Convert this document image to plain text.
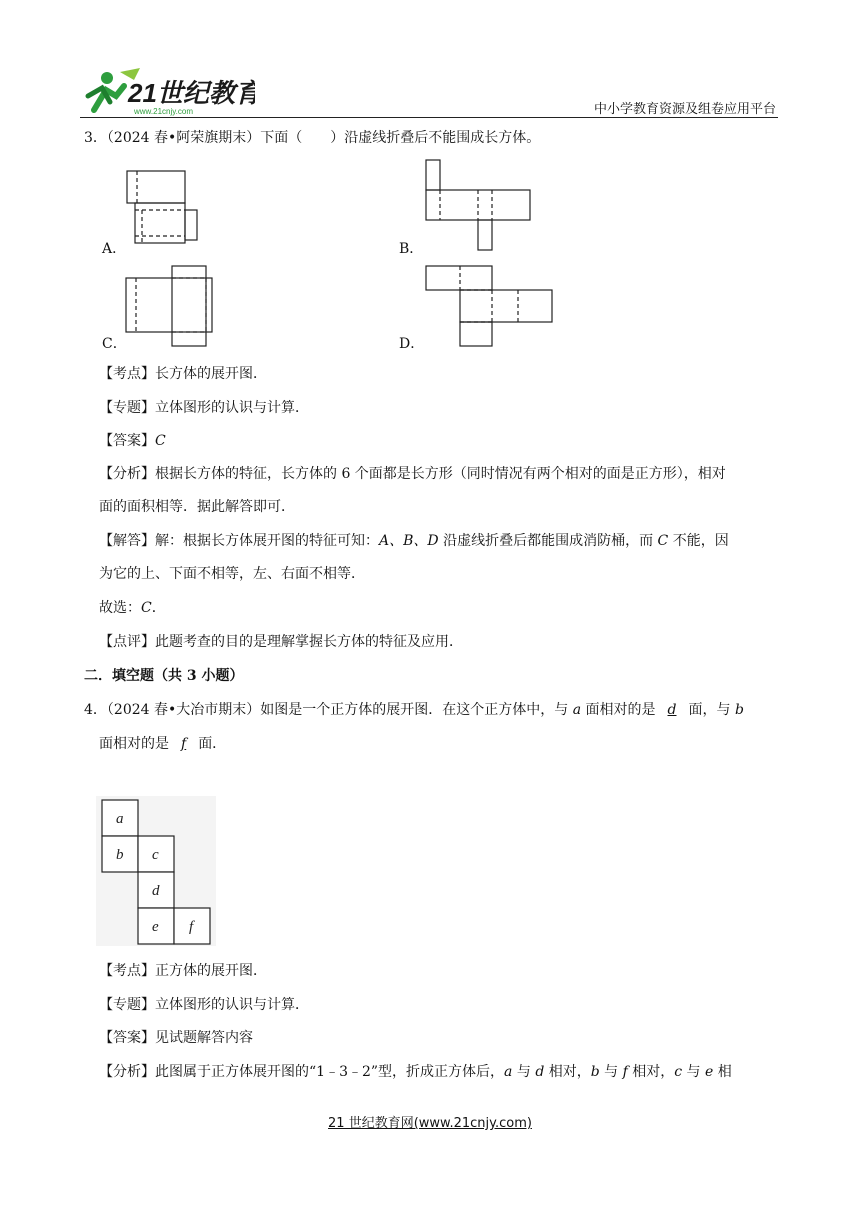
21世纪教育
www.21cnjy.com	中小学教育资源及组卷应用平台
3．（2024 春•阿荣旗期末）下面（　　）沿虚线折叠后不能围成长方体。
A．	B．
C．	D．
【考点】长方体的展开图．
【专题】立体图形的认识与计算．
【答案】C
【分析】根据长方体的特征，长方体的 6 个面都是长方形（同时情况有两个相对的面是正方形），相对
面的面积相等．据此解答即可．
【解答】解：根据长方体展开图的特征可知：A、B、D 沿虚线折叠后都能围成消防桶，而 C 不能，因
为它的上、下面不相等，左、右面不相等．
故选：C．
【点评】此题考查的目的是理解掌握长方体的特征及应用．
二．填空题（共 3 小题）
4．（2024 春•大冶市期末）如图是一个正方体的展开图．在这个正方体中，与 a 面相对的是 d 面，与 b
面相对的是 f 面．
a
b c
d
e f
【考点】正方体的展开图．
【专题】立体图形的认识与计算．
【答案】见试题解答内容
【分析】此图属于正方体展开图的“1﹣3﹣2”型，折成正方体后，a 与 d 相对，b 与 f 相对，c 与 e 相
21 世纪教育网(www.21cnjy.com)
